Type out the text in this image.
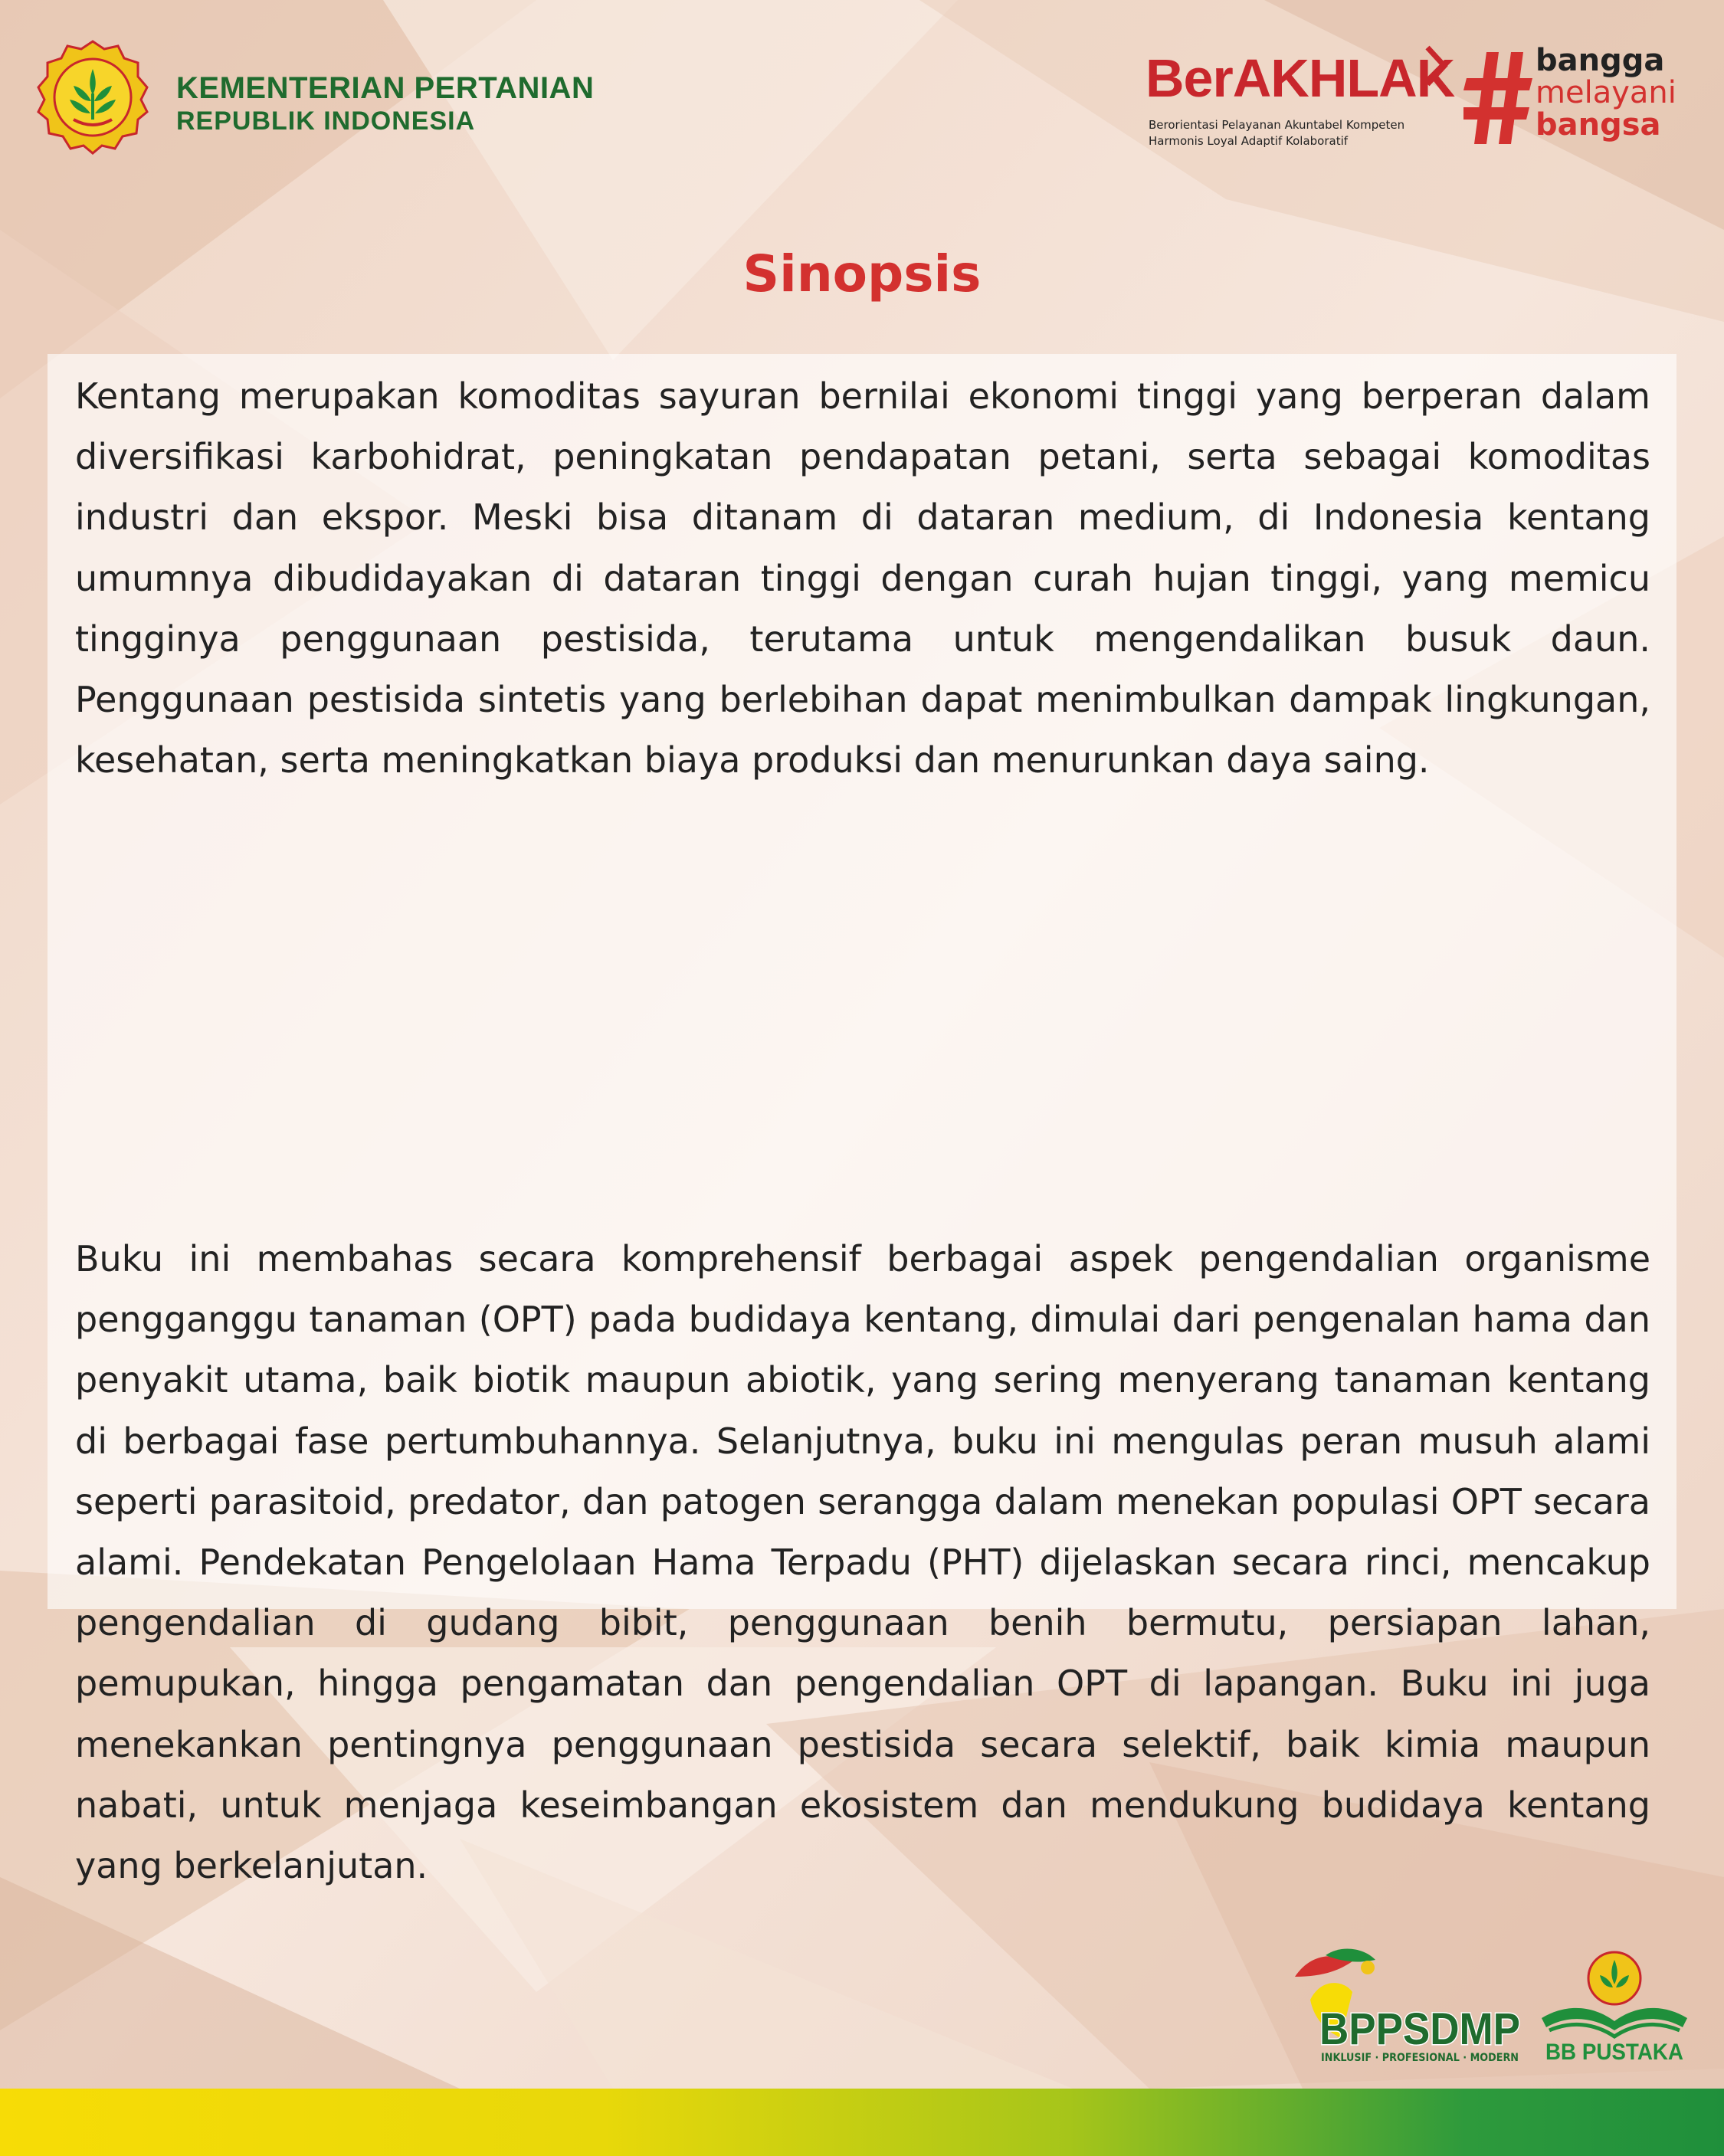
KEMENTERIAN PERTANIAN
REPUBLIK INDONESIA
BerAKHLAK
Berorientasi Pelayanan Akuntabel Kompeten
Harmonis Loyal Adaptif Kolaboratif
bangga
melayani
bangsa
Sinopsis
Kentang merupakan komoditas sayuran bernilai ekonomi tinggi yang berperan dalam diversifikasi karbohidrat, peningkatan pendapatan petani, serta sebagai komoditas industri dan ekspor. Meski bisa ditanam di dataran medium, di Indonesia kentang umumnya dibudidayakan di dataran tinggi dengan curah hujan tinggi, yang memicu tingginya penggunaan pestisida, terutama untuk mengendalikan busuk daun. Penggunaan pestisida sintetis yang berlebihan dapat menimbulkan dampak lingkungan, kesehatan, serta meningkatkan biaya produksi dan menurunkan daya saing.
Buku ini membahas secara komprehensif berbagai aspek pengendalian organisme pengganggu tanaman (OPT) pada budidaya kentang, dimulai dari pengenalan hama dan penyakit utama, baik biotik maupun abiotik, yang sering menyerang tanaman kentang di berbagai fase pertumbuhannya. Selanjutnya, buku ini mengulas peran musuh alami seperti parasitoid, predator, dan patogen serangga dalam menekan populasi OPT secara alami. Pendekatan Pengelolaan Hama Terpadu (PHT) dijelaskan secara rinci, mencakup pengendalian di gudang bibit, penggunaan benih bermutu, persiapan lahan, pemupukan, hingga pengamatan dan pengendalian OPT di lapangan. Buku ini juga menekankan pentingnya penggunaan pestisida secara selektif, baik kimia maupun nabati, untuk menjaga keseimbangan ekosistem dan mendukung budidaya kentang yang berkelanjutan.
BPPSDMP
INKLUSIF · PROFESIONAL · MODERN BB PUSTAKA
